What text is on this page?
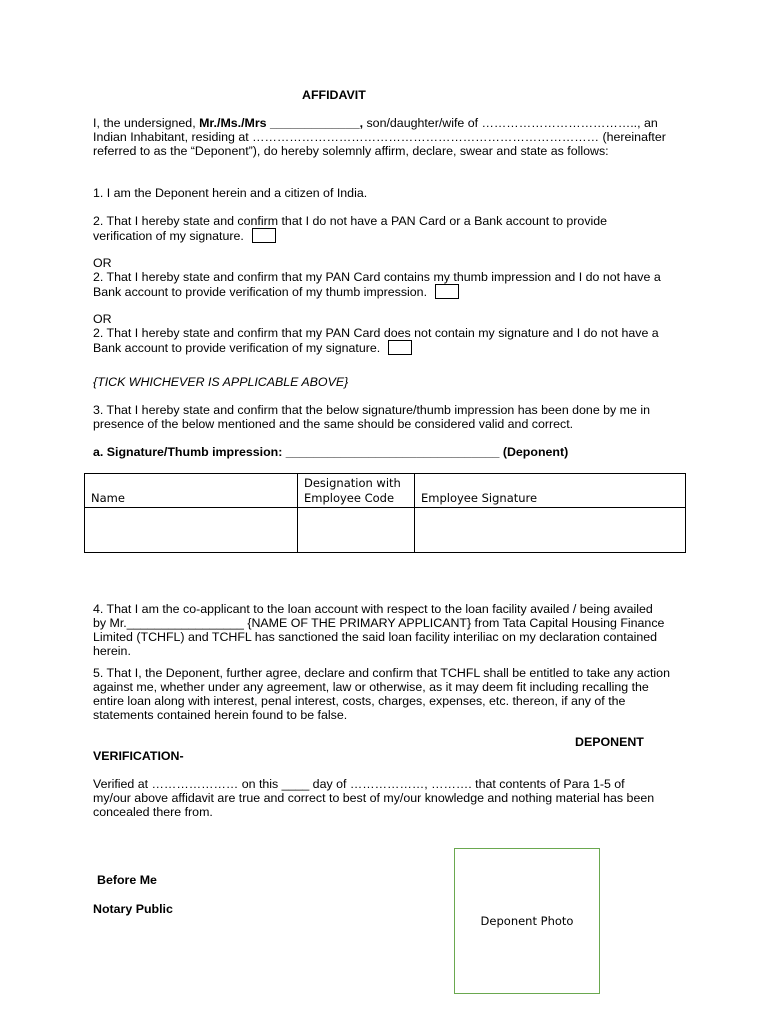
AFFIDAVIT

I, the undersigned, Mr./Ms./Mrs _____________, son/daughter/wife of ……………………………….., an Indian Inhabitant, residing at ………………………………………………………………………… (hereinafter referred to as the “Deponent”), do hereby solemnly affirm, declare, swear and state as follows:

1. I am the Deponent herein and a citizen of India.

2. That I hereby state and confirm that I do not have a PAN Card or a Bank account to provide verification of my signature.

OR

2. That I hereby state and confirm that my PAN Card contains my thumb impression and I do not have a Bank account to provide verification of my thumb impression.

OR

2. That I hereby state and confirm that my PAN Card does not contain my signature and I do not have a Bank account to provide verification of my signature.

{TICK WHICHEVER IS APPLICABLE ABOVE}

3. That I hereby state and confirm that the below signature/thumb impression has been done by me in presence of the below mentioned and the same should be considered valid and correct.

a. Signature/Thumb impression: _______________________________ (Deponent)

Name	Designation with Employee Code	Employee Signature

4. That I am the co-applicant to the loan account with respect to the loan facility availed / being availed by Mr._________________ {NAME OF THE PRIMARY APPLICANT} from Tata Capital Housing Finance Limited (TCHFL) and TCHFL has sanctioned the said loan facility interiliac on my declaration contained herein.

5. That I, the Deponent, further agree, declare and confirm that TCHFL shall be entitled to take any action against me, whether under any agreement, law or otherwise, as it may deem fit including recalling the entire loan along with interest, penal interest, costs, charges, expenses, etc. thereon, if any of the statements contained herein found to be false.

DEPONENT
VERIFICATION-

Verified at ………………… on this ____ day of ………………, ………. that contents of Para 1-5 of my/our above affidavit are true and correct to best of my/our knowledge and nothing material has been concealed there from.

Before Me
Notary Public
Deponent Photo
